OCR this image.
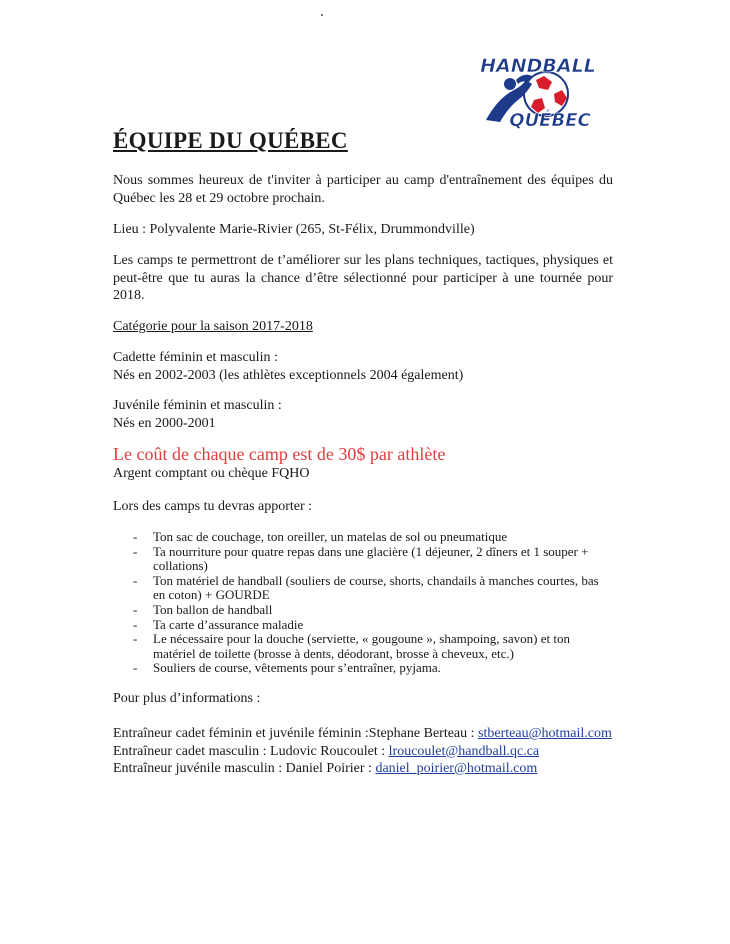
HANDBALL
QUÉBEC
ÉQUIPE DU QUÉBEC

Nous sommes heureux de t'inviter à participer au camp d'entraînement des équipes du Québec les 28 et 29 octobre prochain.

Lieu : Polyvalente Marie-Rivier (265, St-Félix, Drummondville)

Les camps te permettront de t’améliorer sur les plans techniques, tactiques, physiques et peut-être que tu auras la chance d’être sélectionné pour participer à une tournée pour 2018.

Catégorie pour la saison 2017-2018

Cadette féminin et masculin :
Nés en 2002-2003 (les athlètes exceptionnels 2004 également)
Juvénile féminin et masculin :
Nés en 2000-2001

Le coût de chaque camp est de 30$ par athlète

Argent comptant ou chèque FQHO

Lors des camps tu devras apporter :

- Ton sac de couchage, ton oreiller, un matelas de sol ou pneumatique
- Ta nourriture pour quatre repas dans une glacière (1 déjeuner, 2 dîners et 1 souper + collations)
- Ton matériel de handball (souliers de course, shorts, chandails à manches courtes, bas en coton) + GOURDE
- Ton ballon de handball
- Ta carte d’assurance maladie
- Le nécessaire pour la douche (serviette, « gougoune », shampoing, savon) et ton matériel de toilette (brosse à dents, déodorant, brosse à cheveux, etc.)
- Souliers de course, vêtements pour s’entraîner, pyjama.

Pour plus d’informations :

Entraîneur cadet féminin et juvénile féminin :Stephane Berteau : stberteau@hotmail.com
Entraîneur cadet masculin : Ludovic Roucoulet : lroucoulet@handball.qc.ca
Entraîneur juvénile masculin : Daniel Poirier : daniel_poirier@hotmail.com
